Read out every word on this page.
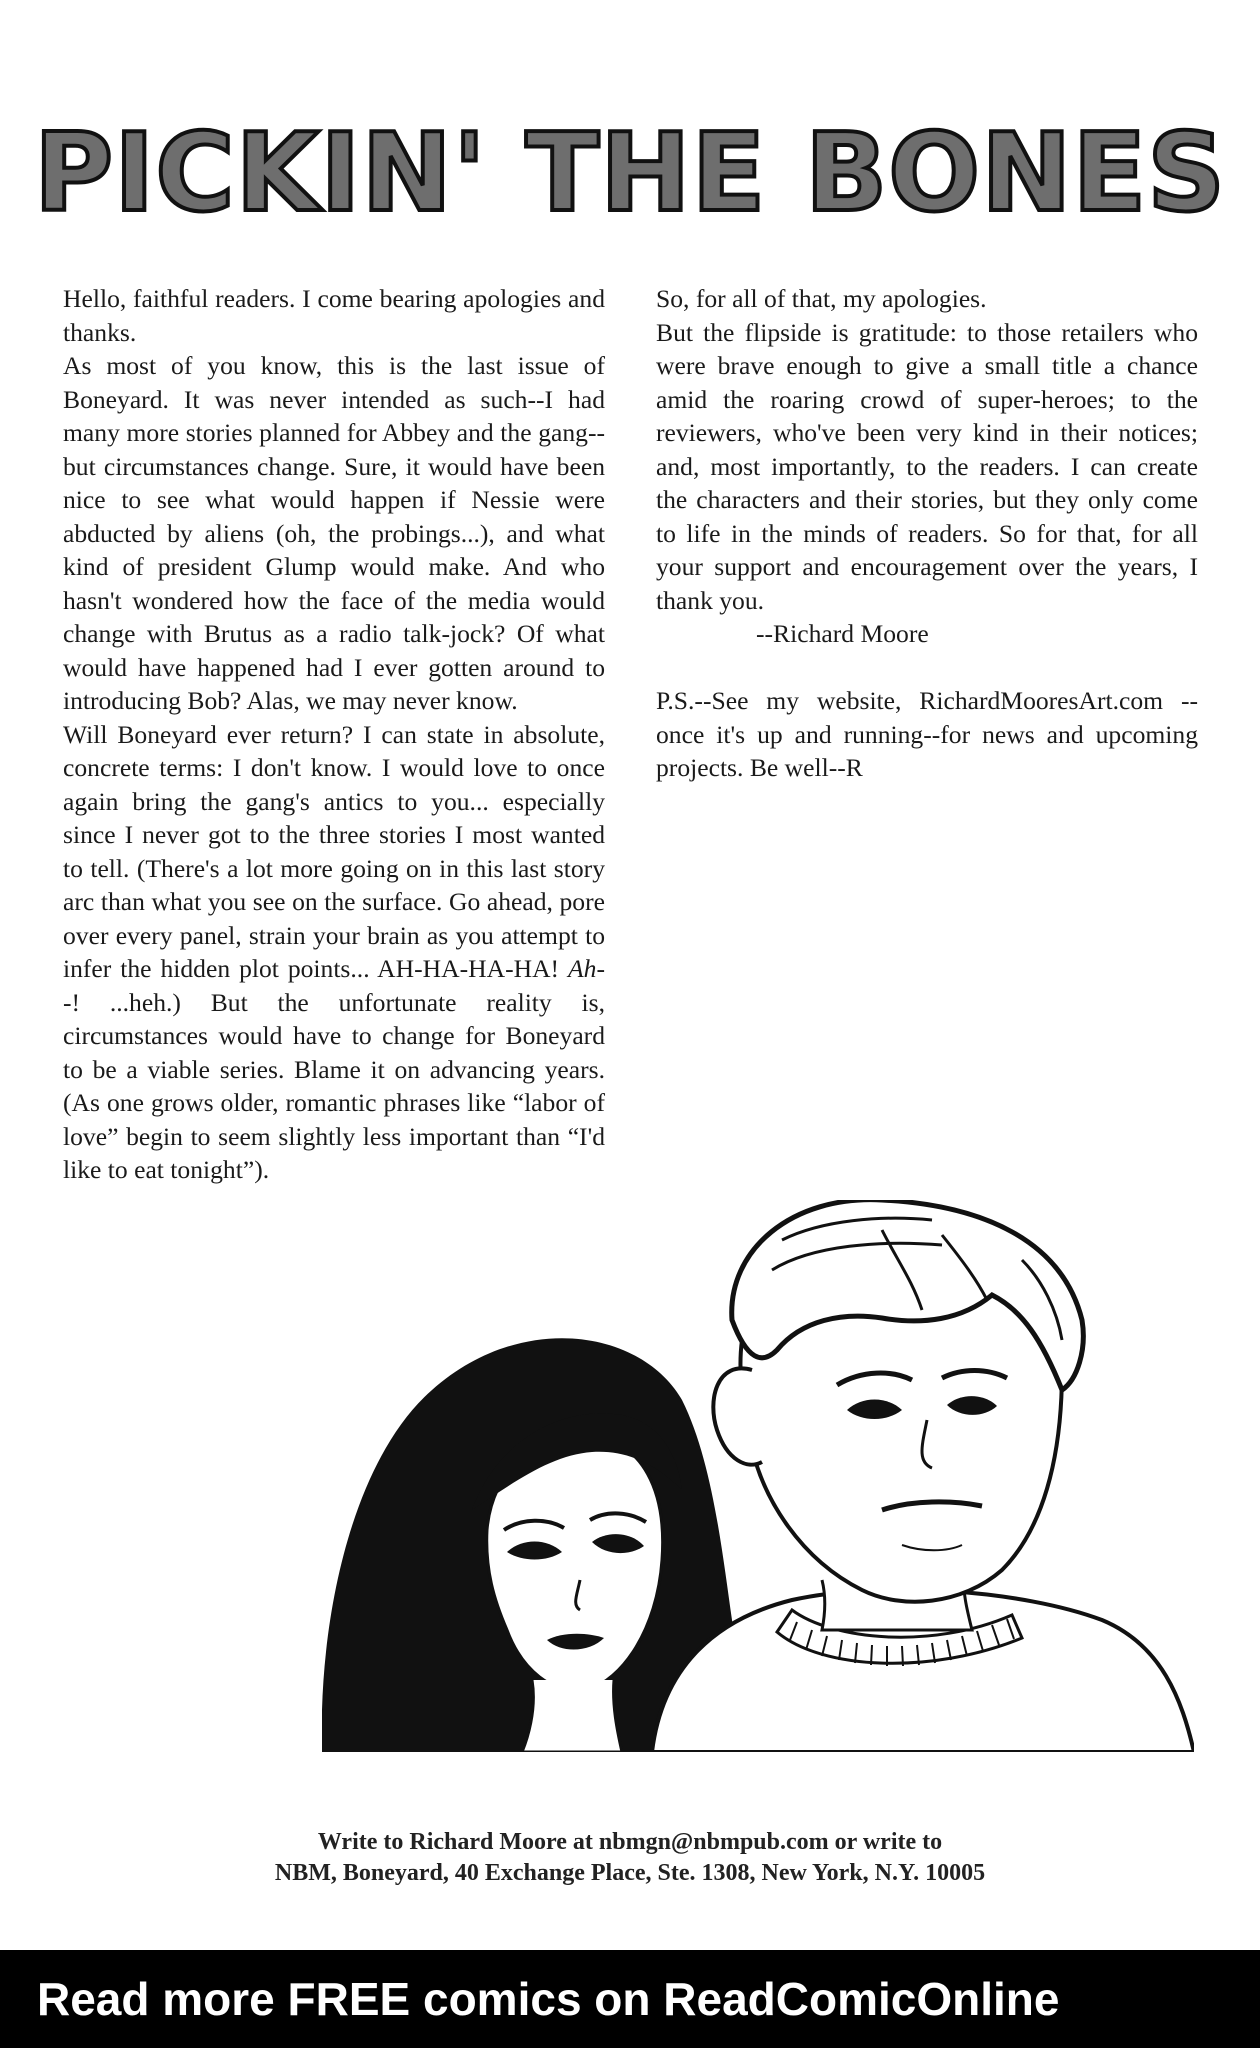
PICKIN' THE BONES

Hello, faithful readers. I come bearing apologies and thanks.

As most of you know, this is the last issue of Boneyard. It was never intended as such--I had many more stories planned for Abbey and the gang--but circumstances change. Sure, it would have been nice to see what would happen if Nessie were abducted by aliens (oh, the probings...), and what kind of president Glump would make. And who hasn't wondered how the face of the media would change with Brutus as a radio talk-jock? Of what would have happened had I ever gotten around to introducing Bob? Alas, we may never know.

Will Boneyard ever return? I can state in absolute, concrete terms: I don't know. I would love to once again bring the gang's antics to you... especially since I never got to the three stories I most wanted to tell. (There's a lot more going on in this last story arc than what you see on the surface. Go ahead, pore over every panel, strain your brain as you attempt to infer the hidden plot points... AH-HA-HA-HA! Ah--! ...heh.) But the unfortunate reality is, circumstances would have to change for Boneyard to be a viable series. Blame it on advancing years. (As one grows older, romantic phrases like “labor of love” begin to seem slightly less important than “I'd like to eat tonight”).

So, for all of that, my apologies.

But the flipside is gratitude: to those retailers who were brave enough to give a small title a chance amid the roaring crowd of super-heroes; to the reviewers, who've been very kind in their notices; and, most importantly, to the readers. I can create the characters and their stories, but they only come to life in the minds of readers. So for that, for all your support and encouragement over the years, I thank you.

--Richard Moore

P.S.--See my website, RichardMooresArt.com -- once it's up and running--for news and upcoming projects. Be well--R

Write to Richard Moore at nbmgn@nbmpub.com or write to
NBM, Boneyard, 40 Exchange Place, Ste. 1308, New York, N.Y. 10005
Read more FREE comics on ReadComicOnline
